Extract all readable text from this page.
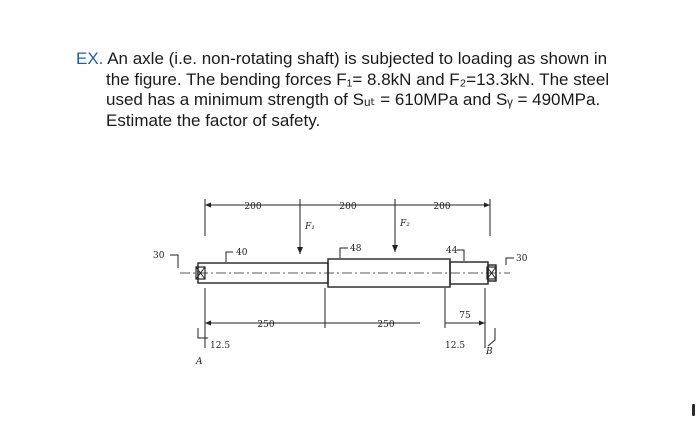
EX. An axle (i.e. non-rotating shaft) is subjected to loading as shown in
the figure. The bending forces F₁= 8.8kN and F₂=13.3kN. The steel
used has a minimum strength of Sᵤₜ = 610MPa and Sᵧ = 490MPa.
Estimate the factor of safety.
200	200	200
F₁	F₂
30	40	48	44
30
250	250
75
12.5	12.5
A
B
